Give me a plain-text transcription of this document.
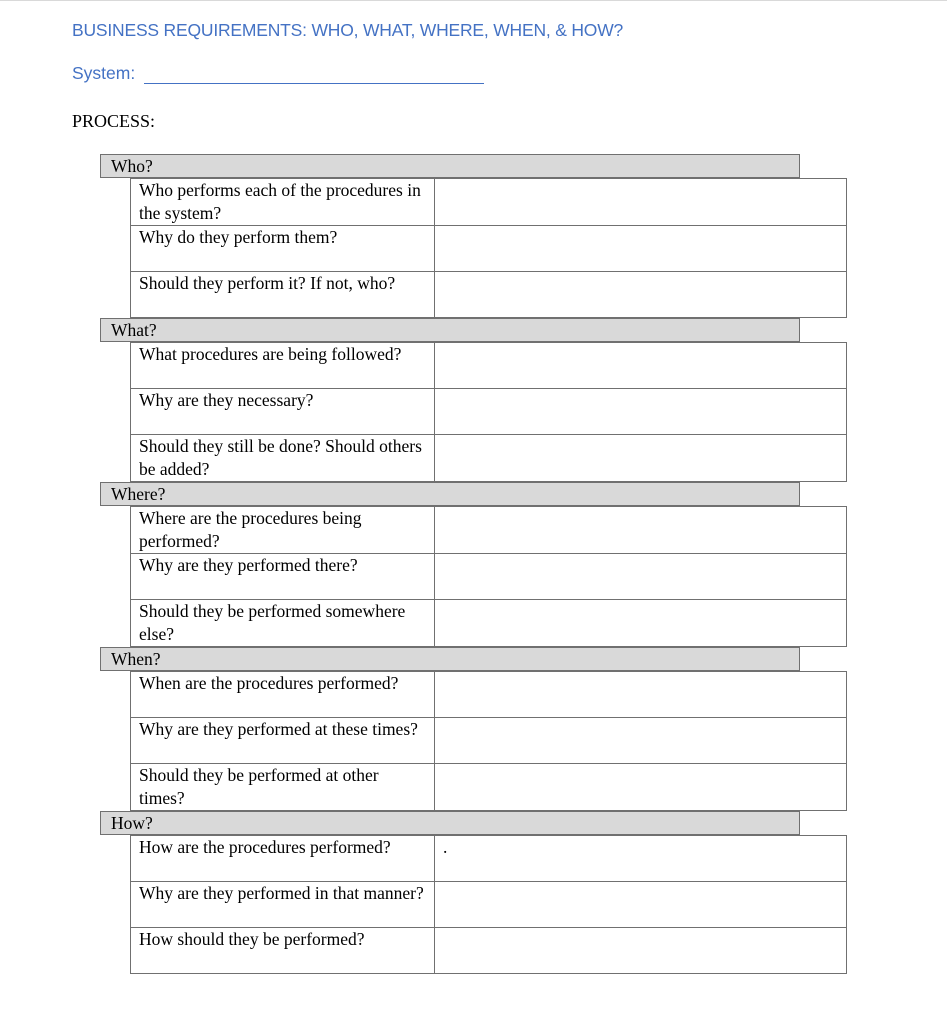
BUSINESS REQUIREMENTS: WHO, WHAT, WHERE, WHEN, & HOW?
System:
PROCESS:
Who?
Who performs each of the procedures in the system?	
Why do they perform them?	
Should they perform it? If not, who?	
What?
What procedures are being followed?	
Why are they necessary?	
Should they still be done? Should others be added?	
Where?
Where are the procedures being performed?	
Why are they performed there?	
Should they be performed somewhere else?	
When?
When are the procedures performed?	
Why are they performed at these times?	
Should they be performed at other times?	
How?
How are the procedures performed?	.
Why are they performed in that manner?	
How should they be performed?	
